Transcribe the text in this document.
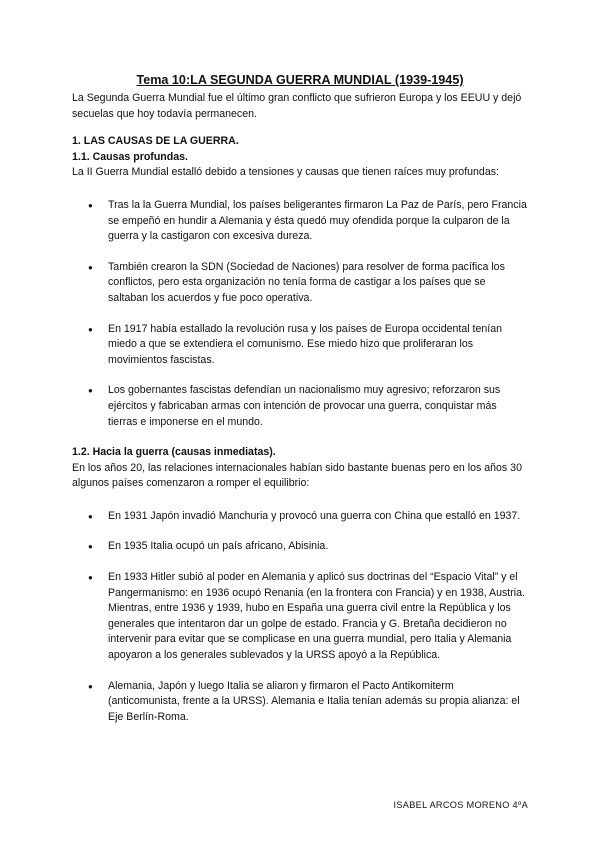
Tema 10:LA SEGUNDA GUERRA MUNDIAL (1939-1945)

La Segunda Guerra Mundial fue el último gran conflicto que sufrieron Europa y los EEUU y dejó secuelas que hoy todavía permanecen.

1. LAS CAUSAS DE LA GUERRA.

1.1. Causas profundas.

La II Guerra Mundial estalló debido a tensiones y causas que tienen raíces muy profundas:

● Tras la la Guerra Mundial, los países beligerantes firmaron La Paz de París, pero Francia se empeñó en hundir a Alemania y ésta quedó muy ofendida porque la culparon de la guerra y la castigaron con excesiva dureza.
● También crearon la SDN (Sociedad de Naciones) para resolver de forma pacífica los conflictos, pero esta organización no tenía forma de castigar a los países que se saltaban los acuerdos y fue poco operativa.
● En 1917 había estallado la revolución rusa y los países de Europa occidental tenían miedo a que se extendiera el comunismo. Ese miedo hizo que proliferaran los movimientos fascistas.
● Los gobernantes fascistas defendían un nacionalismo muy agresivo; reforzaron sus ejércitos y fabricaban armas con intención de provocar una guerra, conquistar más tierras e imponerse en el mundo.

1.2. Hacia la guerra (causas inmediatas).

En los años 20, las relaciones internacionales habían sido bastante buenas pero en los años 30 algunos países comenzaron a romper el equilibrio:

● En 1931 Japón invadió Manchuria y provocó una guerra con China que estalló en 1937.
● En 1935 Italia ocupó un país africano, Abisinia.
● En 1933 Hitler subió al poder en Alemania y aplicó sus doctrinas del “Espacio Vital” y el Pangermanismo: en 1936 ocupó Renania (en la frontera con Francia) y en 1938, Austria. Mientras, entre 1936 y 1939, hubo en España una guerra civil entre la República y los generales que intentaron dar un golpe de estado. Francia y G. Bretaña decidieron no intervenir para evitar que se complicase en una guerra mundial, pero Italia y Alemania apoyaron a los generales sublevados y la URSS apoyó a la República.
● Alemania, Japón y luego Italia se aliaron y firmaron el Pacto Antikomiterm (anticomunista, frente a la URSS). Alemania e Italia tenían además su propia alianza: el Eje Berlín-Roma.
ISABEL ARCOS MORENO 4ºA
